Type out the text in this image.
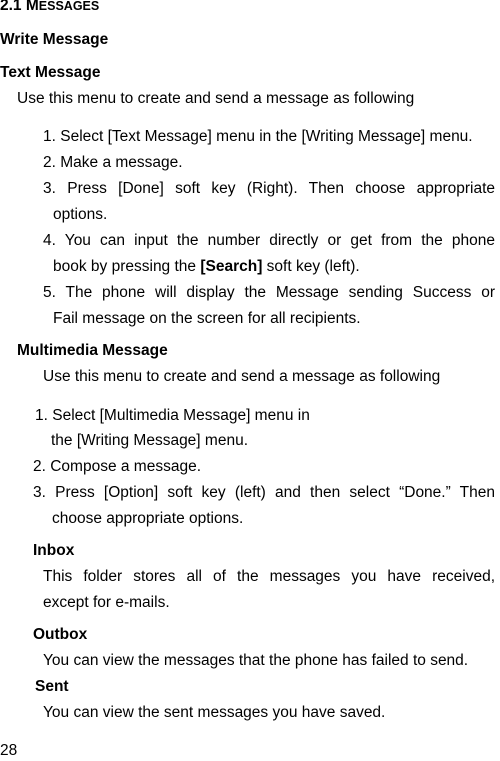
2.1 MESSAGES
Write Message
Text Message
Use this menu to create and send a message as following
1. Select [Text Message] menu in the [Writing Message] menu.
2. Make a message.
3. Press [Done] soft key (Right). Then choose appropriate
options.
4. You can input the number directly or get from the phone
book by pressing the [Search] soft key (left).
5. The phone will display the Message sending Success or
Fail message on the screen for all recipients.
Multimedia Message
Use this menu to create and send a message as following
1. Select [Multimedia Message] menu in
the [Writing Message] menu.
2. Compose a message.
3. Press [Option] soft key (left) and then select “Done.” Then
choose appropriate options.
Inbox
This folder stores all of the messages you have received,
except for e-mails.
Outbox
You can view the messages that the phone has failed to send.
Sent
You can view the sent messages you have saved.
28
